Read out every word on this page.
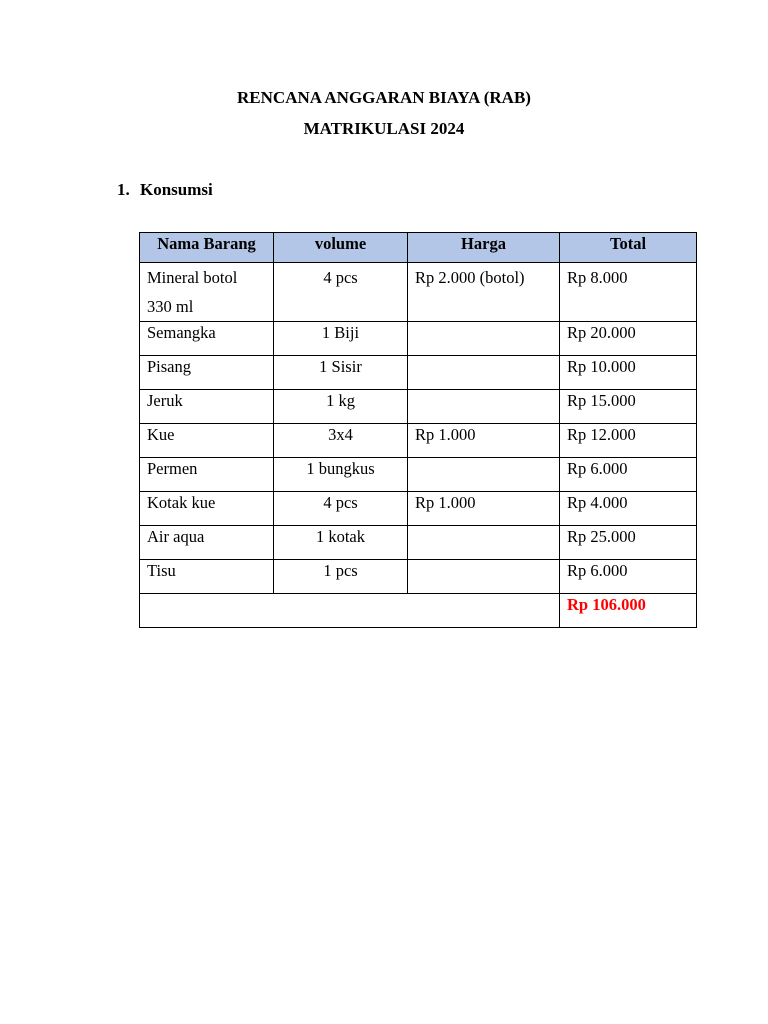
RENCANA ANGGARAN BIAYA (RAB)
MATRIKULASI 2024
1. Konsumsi
Nama Barang	volume	Harga	Total
Mineral botol 330 ml	4 pcs	Rp 2.000 (botol)	Rp 8.000
Semangka	1 Biji		Rp 20.000
Pisang	1 Sisir		Rp 10.000
Jeruk	1 kg		Rp 15.000
Kue	3x4	Rp 1.000	Rp 12.000
Permen	1 bungkus		Rp 6.000
Kotak kue	4 pcs	Rp 1.000	Rp 4.000
Air aqua	1 kotak		Rp 25.000
Tisu	1 pcs		Rp 6.000
			Rp 106.000
